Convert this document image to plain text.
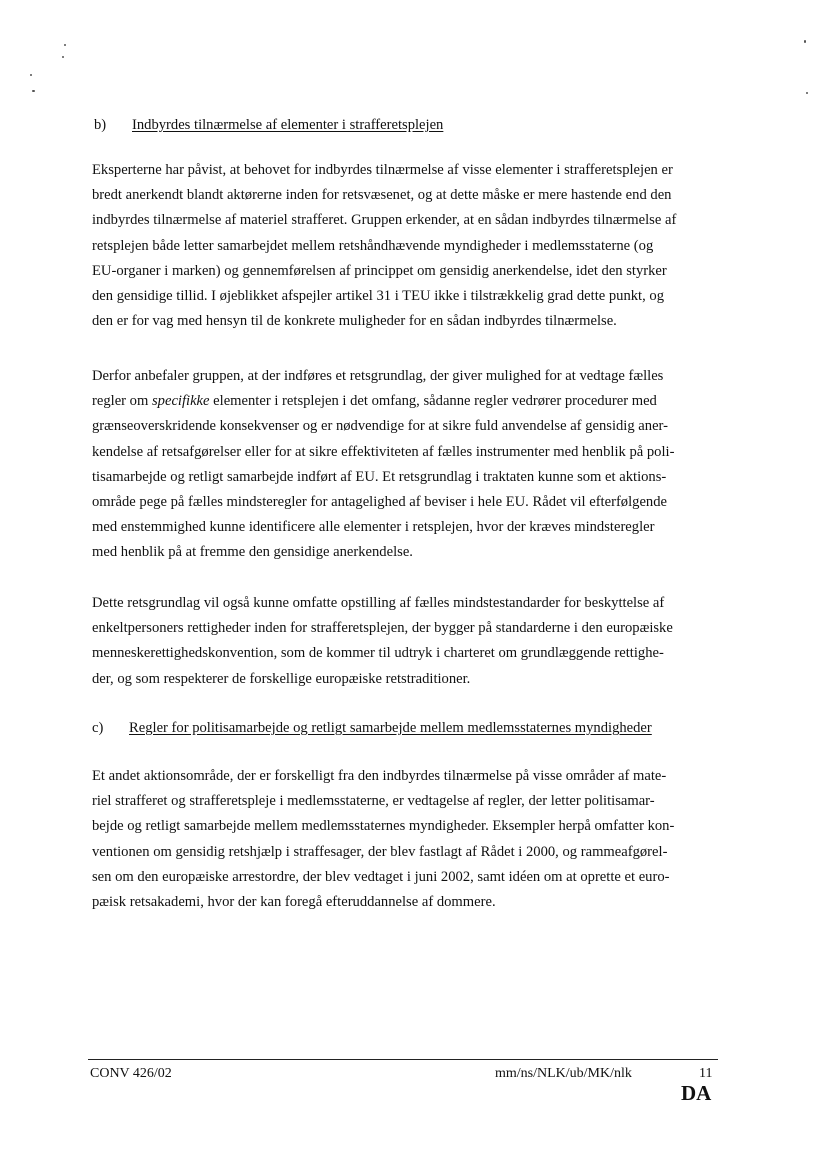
b) Indbyrdes tilnærmelse af elementer i strafferetsplejen

Eksperterne har påvist, at behovet for indbyrdes tilnærmelse af visse elementer i strafferetsplejen er
bredt anerkendt blandt aktørerne inden for retsvæsenet, og at dette måske er mere hastende end den
indbyrdes tilnærmelse af materiel strafferet. Gruppen erkender, at en sådan indbyrdes tilnærmelse af
retsplejen både letter samarbejdet mellem retshåndhævende myndigheder i medlemsstaterne (og
EU-organer i marken) og gennemførelsen af princippet om gensidig anerkendelse, idet den styrker
den gensidige tillid. I øjeblikket afspejler artikel 31 i TEU ikke i tilstrækkelig grad dette punkt, og
den er for vag med hensyn til de konkrete muligheder for en sådan indbyrdes tilnærmelse.

Derfor anbefaler gruppen, at der indføres et retsgrundlag, der giver mulighed for at vedtage fælles
regler om specifikke elementer i retsplejen i det omfang, sådanne regler vedrører procedurer med
grænseoverskridende konsekvenser og er nødvendige for at sikre fuld anvendelse af gensidig aner-
kendelse af retsafgørelser eller for at sikre effektiviteten af fælles instrumenter med henblik på poli-
tisamarbejde og retligt samarbejde indført af EU. Et retsgrundlag i traktaten kunne som et aktions-
område pege på fælles mindsteregler for antagelighed af beviser i hele EU. Rådet vil efterfølgende
med enstemmighed kunne identificere alle elementer i retsplejen, hvor der kræves mindsteregler
med henblik på at fremme den gensidige anerkendelse.

Dette retsgrundlag vil også kunne omfatte opstilling af fælles mindstestandarder for beskyttelse af
enkeltpersoners rettigheder inden for strafferetsplejen, der bygger på standarderne i den europæiske
menneskerettighedskonvention, som de kommer til udtryk i charteret om grundlæggende rettighe-
der, og som respekterer de forskellige europæiske retstraditioner.

c) Regler for politisamarbejde og retligt samarbejde mellem medlemsstaternes myndigheder

Et andet aktionsområde, der er forskelligt fra den indbyrdes tilnærmelse på visse områder af mate-
riel strafferet og strafferetspleje i medlemsstaterne, er vedtagelse af regler, der letter politisamar-
bejde og retligt samarbejde mellem medlemsstaternes myndigheder. Eksempler herpå omfatter kon-
ventionen om gensidig retshjælp i straffesager, der blev fastlagt af Rådet i 2000, og rammeafgørel-
sen om den europæiske arrestordre, der blev vedtaget i juni 2002, samt idéen om at oprette et euro-
pæisk retsakademi, hvor der kan foregå efteruddannelse af dommere.

CONV 426/02	mm/ns/NLK/ub/MK/nlk	11
DA
